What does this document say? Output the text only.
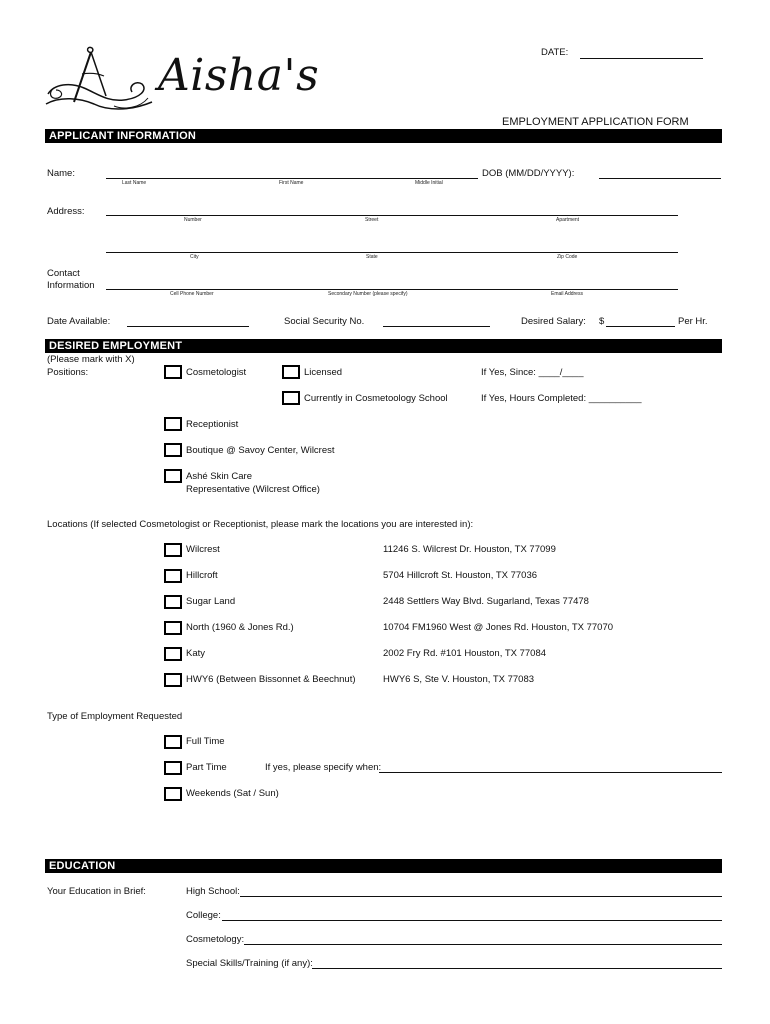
Aisha's	DATE:
EMPLOYMENT APPLICATION FORM
APPLICANT INFORMATION
Name:
Last Name	First Name	Middle Initial
DOB (MM/DD/YYYY):
Address:
Number	Street	Apartment
City	State	Zip Code
Contact
Information
Cell Phone Number	Secondary Number (please specify)	Email Address
Date Available:	Social Security No.	Desired Salary: $	Per Hr.
DESIRED EMPLOYMENT
(Please mark with X)
Positions:	Cosmetologist	Licensed	If Yes, Since: ____/____
Currently in Cosmetoology School	If Yes, Hours Completed: __________
Receptionist
Boutique @ Savoy Center, Wilcrest
Ashé Skin Care
Representative (Wilcrest Office)
Locations (If selected Cosmetologist or Receptionist, please mark the locations you are interested in):
Wilcrest	11246 S. Wilcrest Dr. Houston, TX 77099
Hillcroft	5704 Hillcroft St. Houston, TX 77036
Sugar Land	2448 Settlers Way Blvd. Sugarland, Texas 77478
North (1960 & Jones Rd.)	10704 FM1960 West @ Jones Rd. Houston, TX 77070
Katy	2002 Fry Rd. #101 Houston, TX 77084
HWY6 (Between Bissonnet & Beechnut)	HWY6 S, Ste V. Houston, TX 77083
Type of Employment Requested
Full Time
Part Time	If yes, please specify when:
Weekends (Sat / Sun)
EDUCATION
Your Education in Brief:	High School:
College:
Cosmetology:
Special Skills/Training (if any):
